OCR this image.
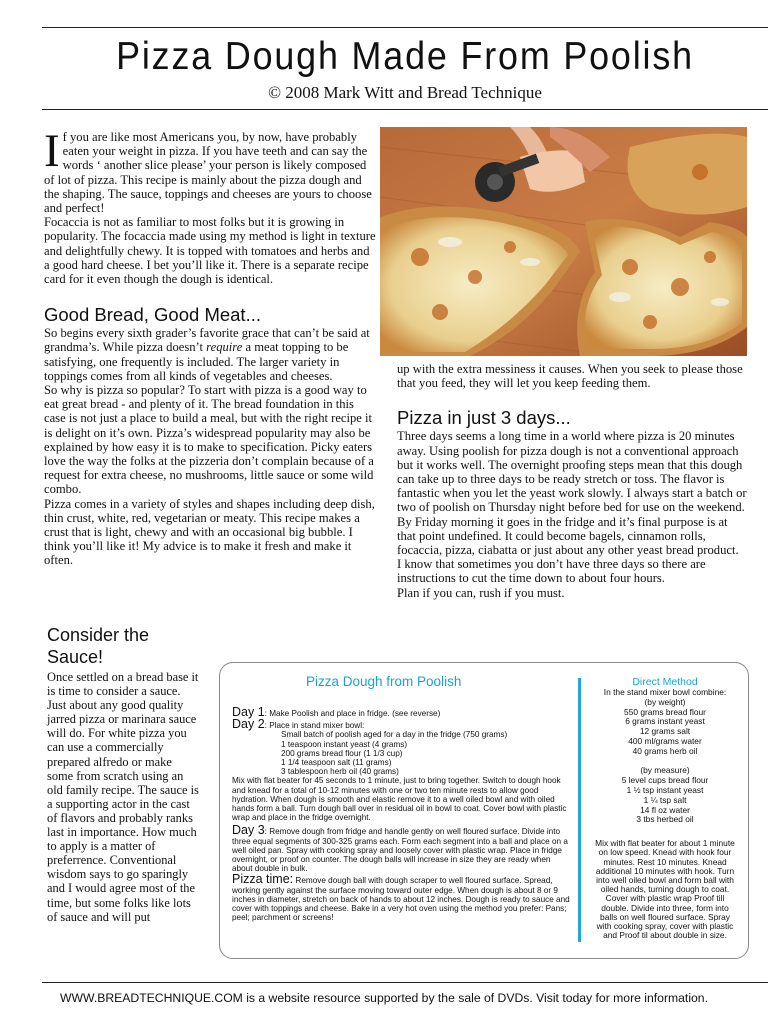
Pizza Dough Made From Poolish
© 2008 Mark Witt and Bread Technique

If you are like most Americans you, by now, have probably eaten your weight in pizza. If you have teeth and can say the words ‘ another slice please’ your person is likely composed of lot of pizza. This recipe is mainly about the pizza dough and the shaping. The sauce, toppings and cheeses are yours to choose and perfect!

Focaccia is not as familiar to most folks but it is growing in popularity. The focaccia made using my method is light in texture and delightfully chewy. It is topped with tomatoes and herbs and a good hard cheese. I bet you’ll like it. There is a separate recipe card for it even though the dough is identical.

Good Bread, Good Meat...

So begins every sixth grader’s favorite grace that can’t be said at grandma’s. While pizza doesn’t require a meat topping to be satisfying, one frequently is included. The larger variety in toppings comes from all kinds of vegetables and cheeses.

So why is pizza so popular? To start with pizza is a good way to eat great bread - and plenty of it. The bread foundation in this case is not just a place to build a meal, but with the right recipe it is delight on it’s own. Pizza’s widespread popularity may also be explained by how easy it is to make to specification. Picky eaters love the way the folks at the pizzeria don’t complain because of a request for extra cheese, no mushrooms, little sauce or some wild combo.

Pizza comes in a variety of styles and shapes including deep dish, thin crust, white, red, vegetarian or meaty. This recipe makes a crust that is light, chewy and with an occasional big bubble. I think you’ll like it! My advice is to make it fresh and make it often.

up with the extra messiness it causes. When you seek to please those that you feed, they will let you keep feeding them.

Pizza in just 3 days...

Three days seems a long time in a world where pizza is 20 minutes away. Using poolish for pizza dough is not a conventional approach but it works well. The overnight proofing steps mean that this dough can take up to three days to be ready stretch or toss. The flavor is fantastic when you let the yeast work slowly. I always start a batch or two of poolish on Thursday night before bed for use on the weekend. By Friday morning it goes in the fridge and it’s final purpose is at that point undefined. It could become bagels, cinnamon rolls, focaccia, pizza, ciabatta or just about any other yeast bread product.

I know that sometimes you don’t have three days so there are instructions to cut the time down to about four hours.

Plan if you can, rush if you must.

Consider the Sauce!

Once settled on a bread base it is time to consider a sauce. Just about any good quality jarred pizza or marinara sauce will do. For white pizza you can use a commercially prepared alfredo or make some from scratch using an old family recipe. The sauce is a supporting actor in the cast of flavors and probably ranks last in importance. How much to apply is a matter of preferrence. Conventional wisdom says to go sparingly and I would agree most of the time, but some folks like lots of sauce and will put

Pizza Dough from Poolish

Day 1: Make Poolish and place in fridge. (see reverse)

Day 2: Place in stand mixer bowl:

Small batch of poolish aged for a day in the fridge (750 grams)

1 teaspoon instant yeast (4 grams)

200 grams bread flour (1 1/3 cup)

1 1/4 teaspoon salt (11 grams)

3 tablespoon herb oil (40 grams)

Mix with flat beater for 45 seconds to 1 minute, just to bring together. Switch to dough hook and knead for a total of 10-12 minutes with one or two ten minute rests to allow good hydration. When dough is smooth and elastic remove it to a well oiled bowl and with oiled hands form a ball. Turn dough ball over in residual oil in bowl to coat. Cover bowl with plastic wrap and place in the fridge overnight.

Day 3: Remove dough from fridge and handle gently on well floured surface. Divide into three equal segments of 300-325 grams each. Form each segment into a ball and place on a well oiled pan. Spray with cooking spray and loosely cover with plastic wrap. Place in fridge overnight, or proof on counter. The dough balls will increase in size they are ready when about double in bulk.

Pizza time: Remove dough ball with dough scraper to well floured surface. Spread, working gently against the surface moving toward outer edge. When dough is about 8 or 9 inches in diameter, stretch on back of hands to about 12 inches. Dough is ready to sauce and cover with toppings and cheese. Bake in a very hot oven using the method you prefer: Pans; peel; parchment or screens!

Direct Method

In the stand mixer bowl combine:

(by weight)

550 grams bread flour

6 grams instant yeast

12 grams salt

400 ml/grams water

40 grams herb oil

(by measure)

5 level cups bread flour

1 ½ tsp instant yeast

1 ¼ tsp salt

14 fl oz water

3 tbs herbed oil

Mix with flat beater for about 1 minute on low speed. Knead with hook four minutes. Rest 10 minutes. Knead additional 10 minutes with hook. Turn into well oiled bowl and form ball with oiled hands, turning dough to coat. Cover with plastic wrap Proof till double. Divide into three, form into balls on well floured surface. Spray with cooking spray, cover with plastic and Proof til about double in size.

WWW.BREADTECHNIQUE.COM is a website resource supported by the sale of DVDs. Visit today for more information.
